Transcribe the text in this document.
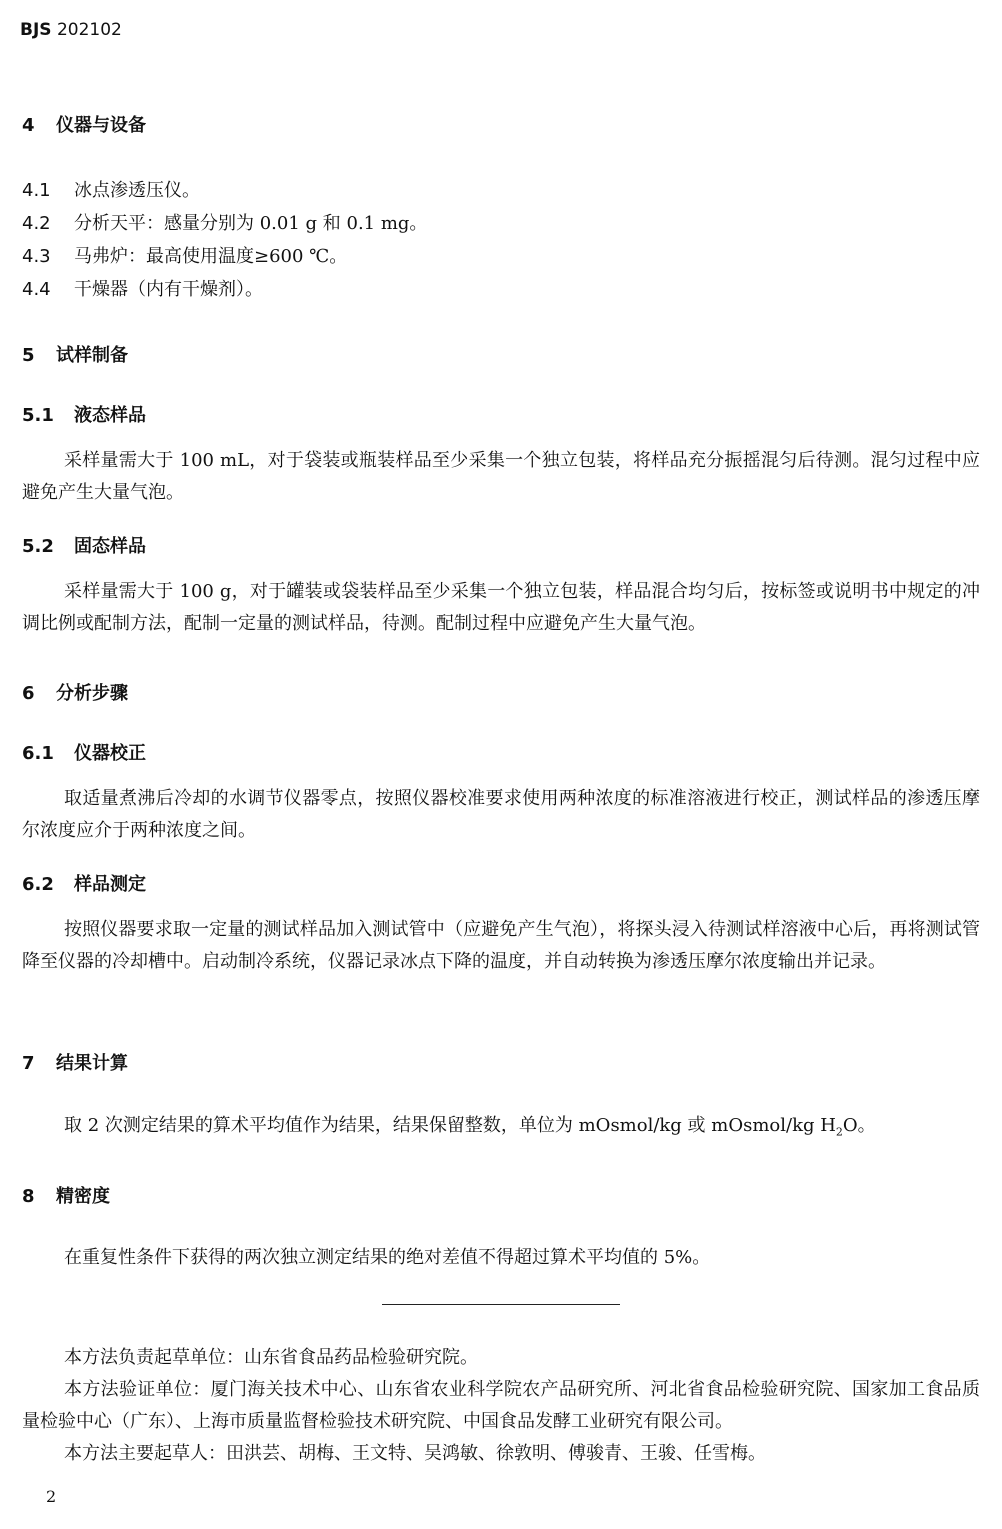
BJS 202102
4 仪器与设备
4.1 冰点渗透压仪。
4.2 分析天平：感量分别为 0.01 g 和 0.1 mg。
4.3 马弗炉：最高使用温度≥600 ℃。
4.4 干燥器（内有干燥剂）。
5 试样制备
5.1 液态样品
采样量需大于 100 mL，对于袋装或瓶装样品至少采集一个独立包装，将样品充分振摇混匀后待测。混匀过程中应避免产生大量气泡。
5.2 固态样品
采样量需大于 100 g，对于罐装或袋装样品至少采集一个独立包装，样品混合均匀后，按标签或说明书中规定的冲调比例或配制方法，配制一定量的测试样品，待测。配制过程中应避免产生大量气泡。
6 分析步骤
6.1 仪器校正
取适量煮沸后冷却的水调节仪器零点，按照仪器校准要求使用两种浓度的标准溶液进行校正，测试样品的渗透压摩尔浓度应介于两种浓度之间。
6.2 样品测定
按照仪器要求取一定量的测试样品加入测试管中（应避免产生气泡），将探头浸入待测试样溶液中心后，再将测试管降至仪器的冷却槽中。启动制冷系统，仪器记录冰点下降的温度，并自动转换为渗透压摩尔浓度输出并记录。
7 结果计算
取 2 次测定结果的算术平均值作为结果，结果保留整数，单位为 mOsmol/kg 或 mOsmol/kg $H_2O$。
8 精密度
在重复性条件下获得的两次独立测定结果的绝对差值不得超过算术平均值的 5%。
本方法负责起草单位：山东省食品药品检验研究院。
本方法验证单位：厦门海关技术中心、山东省农业科学院农产品研究所、河北省食品检验研究院、国家加工食品质量检验中心（广东）、上海市质量监督检验技术研究院、中国食品发酵工业研究有限公司。
本方法主要起草人：田洪芸、胡梅、王文特、吴鸿敏、徐敦明、傅骏青、王骏、任雪梅。
2
